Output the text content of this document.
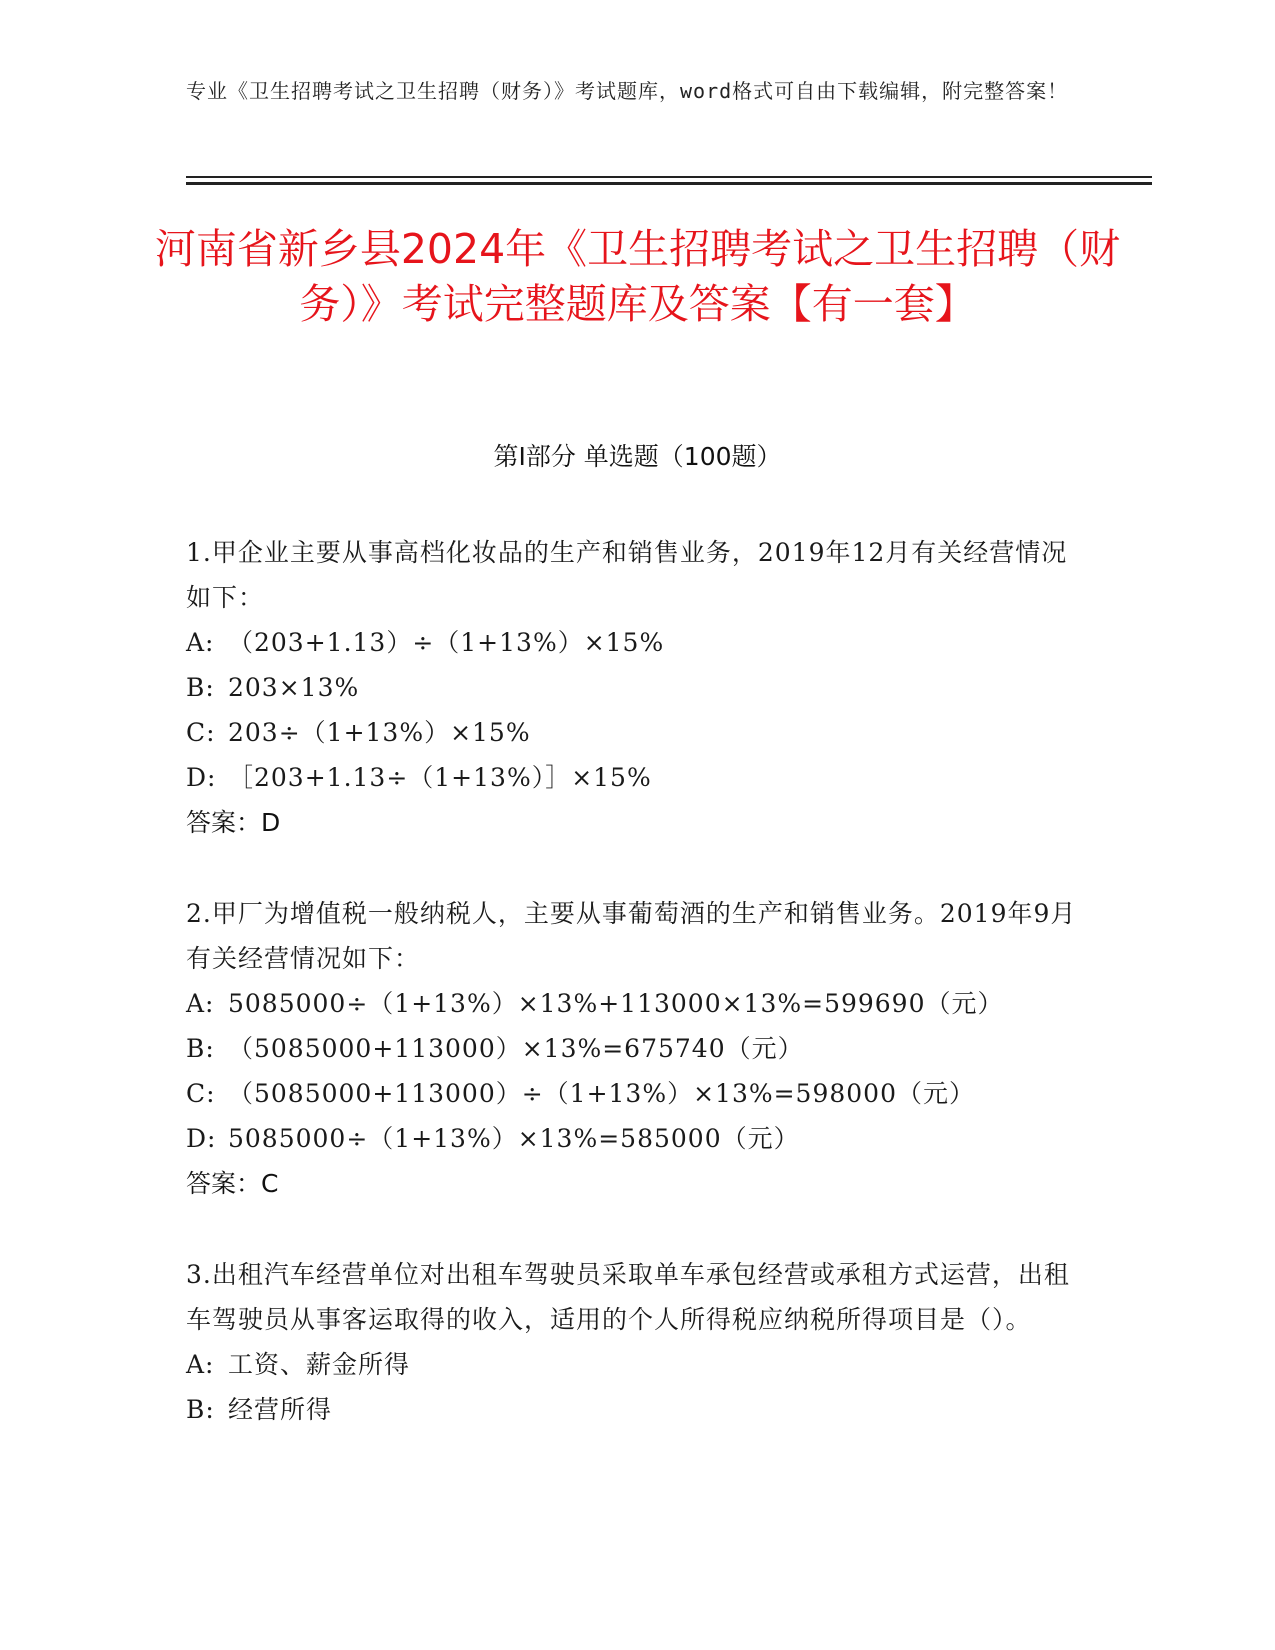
专业《卫生招聘考试之卫生招聘（财务）》考试题库，word格式可自由下载编辑，附完整答案！
河南省新乡县2024年《卫生招聘考试之卫生招聘（财务）》考试完整题库及答案【有一套】
第I部分 单选题（100题）
1.甲企业主要从事高档化妆品的生产和销售业务，2019年12月有关经营情况如下：
A: （203+1.13）÷（1+13%）×15%
B: 203×13%
C: 203÷（1+13%）×15%
D: ［203+1.13÷（1+13%）］×15%
答案：D
2.甲厂为增值税一般纳税人，主要从事葡萄酒的生产和销售业务。2019年9月有关经营情况如下：
A: 5085000÷（1+13%）×13%+113000×13%=599690（元）
B: （5085000+113000）×13%=675740（元）
C: （5085000+113000）÷（1+13%）×13%=598000（元）
D: 5085000÷（1+13%）×13%=585000（元）
答案：C
3.出租汽车经营单位对出租车驾驶员采取单车承包经营或承租方式运营，出租车驾驶员从事客运取得的收入，适用的个人所得税应纳税所得项目是（）。
A: 工资、薪金所得
B: 经营所得
